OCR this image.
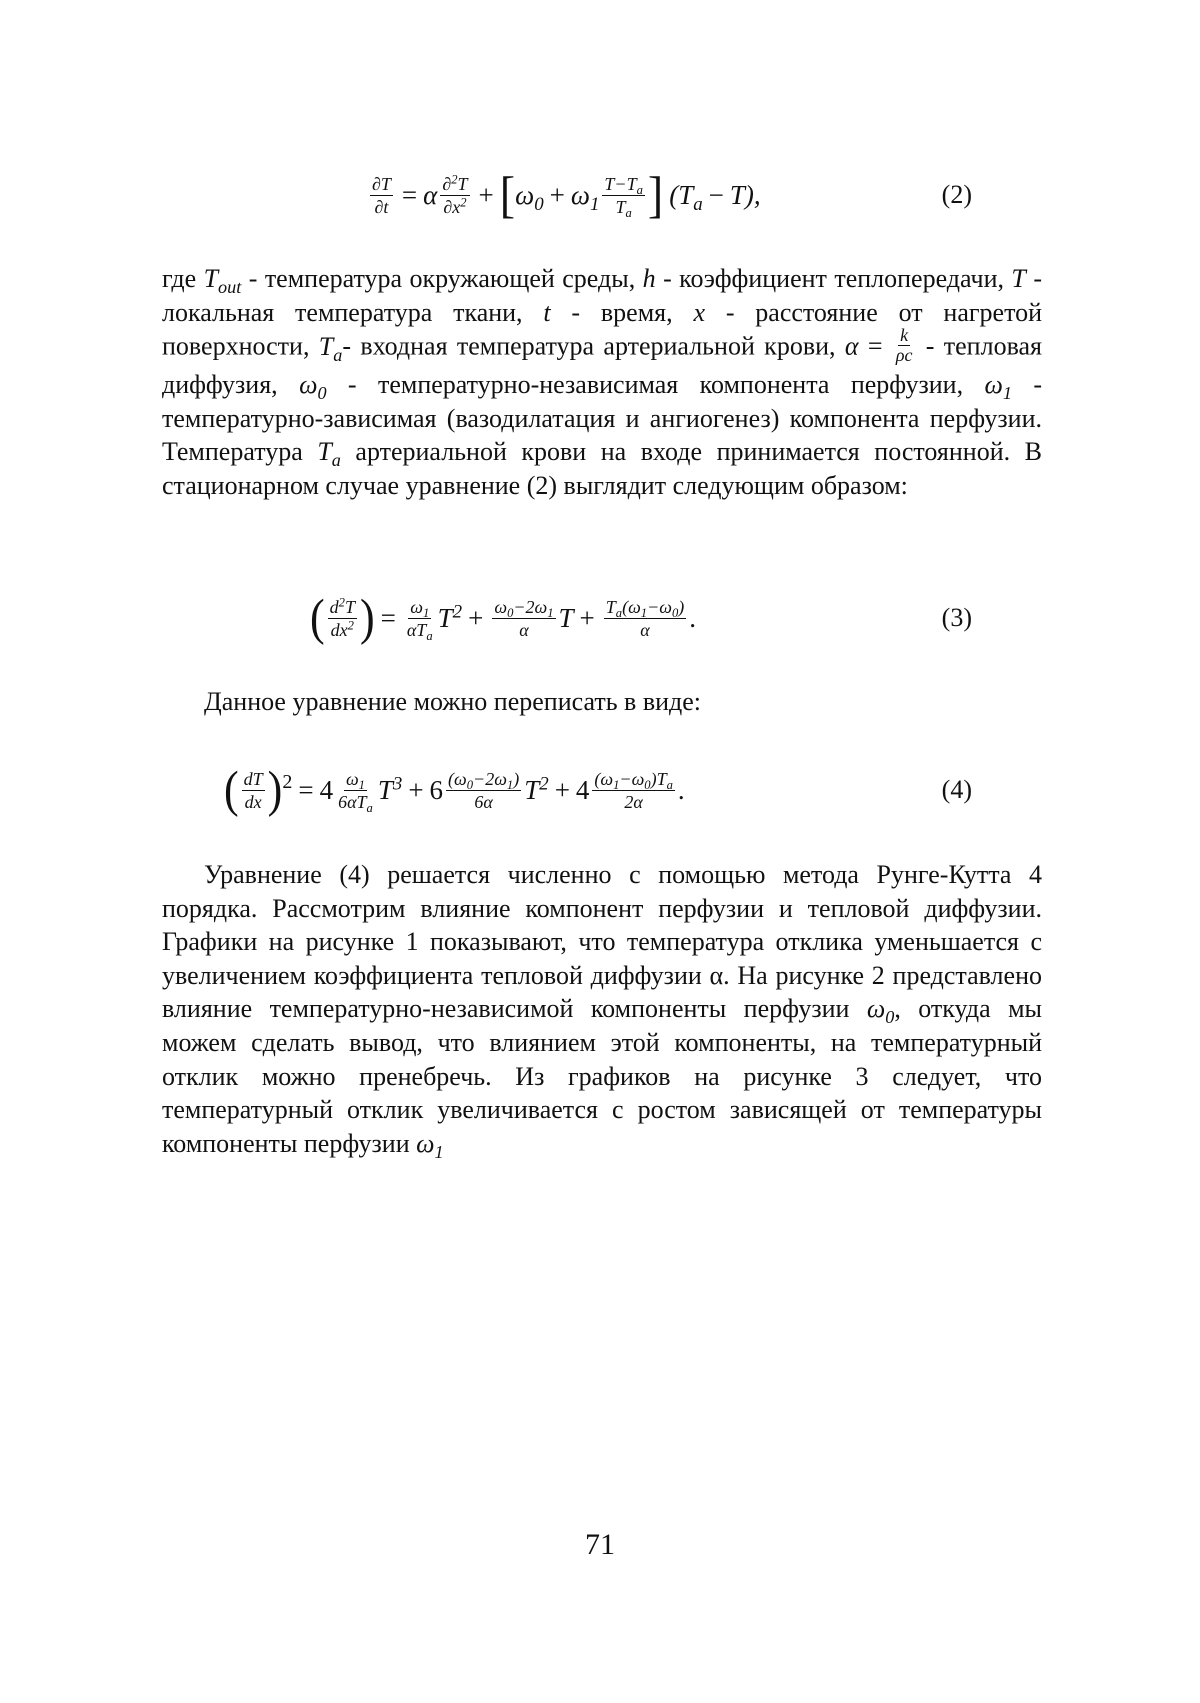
∂T
∂t = α ∂2T
∂x2 + [ ω0 + ω1
T−Ta
Ta ] (Ta − T),	(2)

где Tout - температура окружающей среды, h - коэффициент теплопередачи, T - локальная температура ткани, t - время, x - расстояние от нагретой поверхности, Ta- входная температура артериальной крови, α = k
ρc - тепловая диффузия, ω0 - температурно-независимая компонента перфузии, ω1 - температурно-зависимая (вазодилатация и ангиогенез) компонента перфузии. Температура Ta артериальной крови на входе принимается постоянной. В стационарном случае уравнение (2) выглядит следующим образом:

( d2T
dx2 ) = ω1
αTa
T2 + ω0−2ω1
α T + Ta(ω1−ω0)
α .	(3)

Данное уравнение можно переписать в виде:

( dT
dx ) 2 = 4 ω1
6αTa
T3 + 6 (ω0−2ω1)
6α T2 + 4 (ω1−ω0)Ta
2α .	(4)

Уравнение (4) решается численно с помощью метода Рунге-Кутта 4 порядка. Рассмотрим влияние компонент перфузии и тепловой диффузии. Графики на рисунке 1 показывают, что температура отклика уменьшается с увеличением коэффициента тепловой диффузии α. На рисунке 2 представлено влияние температурно-независимой компоненты перфузии ω0, откуда мы можем сделать вывод, что влиянием этой компоненты, на температурный отклик можно пренебречь. Из графиков на рисунке 3 следует, что температурный отклик увеличивается с ростом зависящей от температуры компоненты перфузии ω1

71
